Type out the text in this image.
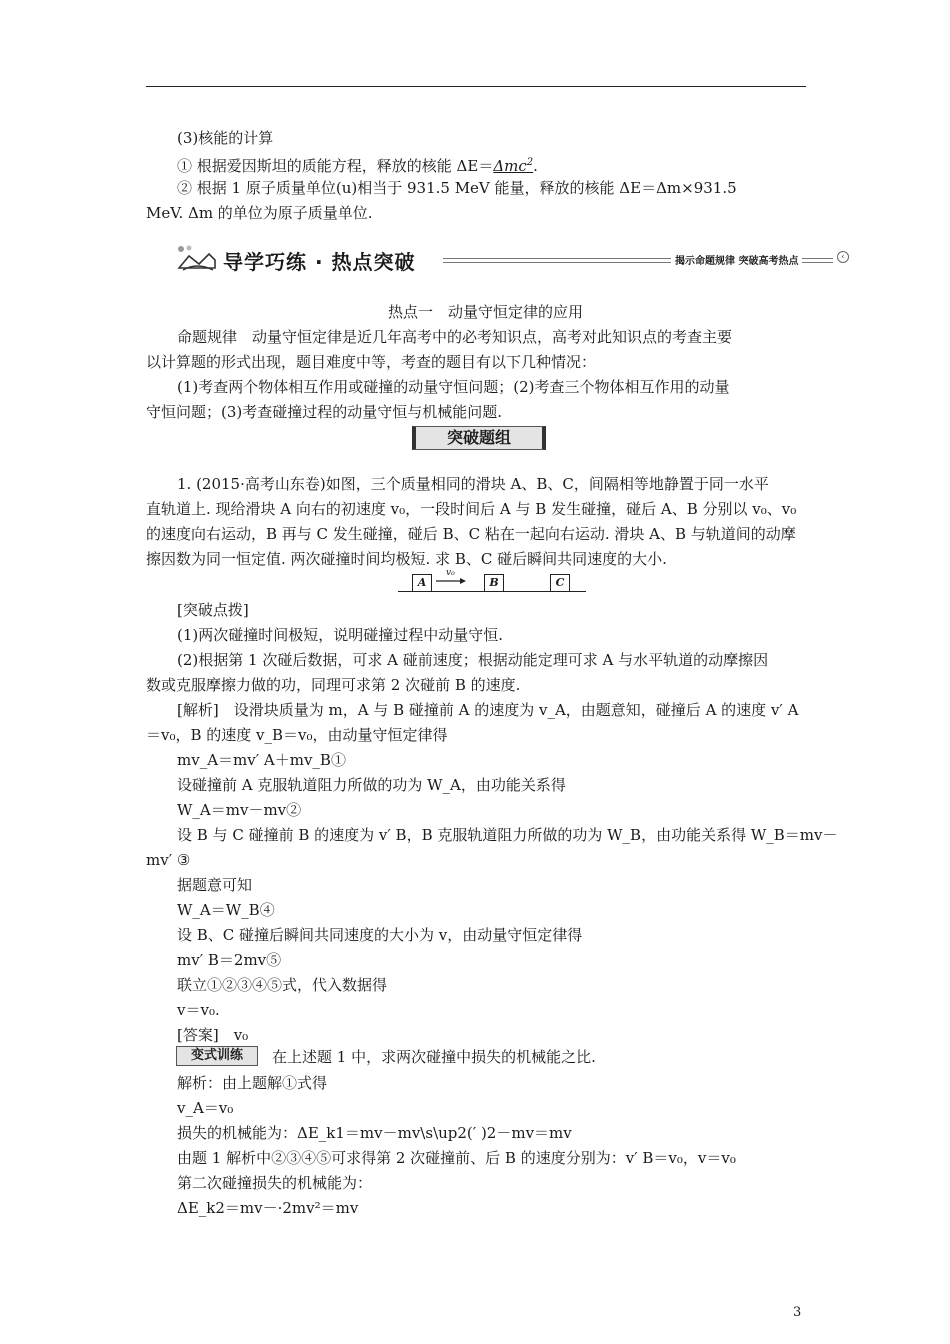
(3)核能的计算
① 根据爱因斯坦的质能方程，释放的核能 ΔE＝Δmc$^2$.
② 根据 1 原子质量单位(u)相当于 931.5 MeV 能量，释放的核能 ΔE＝Δm×931.5
MeV. Δm 的单位为原子质量单位.
导学巧练 · 热点突破	揭示命题规律 突破高考热点	‹
热点一　动量守恒定律的应用
命题规律　动量守恒定律是近几年高考中的必考知识点，高考对此知识点的考查主要
以计算题的形式出现，题目难度中等，考查的题目有以下几种情况：
(1)考查两个物体相互作用或碰撞的动量守恒问题；(2)考查三个物体相互作用的动量
守恒问题；(3)考查碰撞过程的动量守恒与机械能问题.
突破题组
1. (2015·高考山东卷)如图，三个质量相同的滑块 A、B、C，间隔相等地静置于同一水平
直轨道上. 现给滑块 A 向右的初速度 v₀，一段时间后 A 与 B 发生碰撞，碰后 A、B 分别以 v₀、v₀
的速度向右运动，B 再与 C 发生碰撞，碰后 B、C 粘在一起向右运动. 滑块 A、B 与轨道间的动摩
擦因数为同一恒定值. 两次碰撞时间均极短. 求 B、C 碰后瞬间共同速度的大小.
A
v₀
B	C
[突破点拨]
(1)两次碰撞时间极短，说明碰撞过程中动量守恒.
(2)根据第 1 次碰后数据，可求 A 碰前速度；根据动能定理可求 A 与水平轨道的动摩擦因
数或克服摩擦力做的功，同理可求第 2 次碰前 B 的速度.
[解析]　设滑块质量为 m，A 与 B 碰撞前 A 的速度为 v_A，由题意知，碰撞后 A 的速度 v′ A
＝v₀，B 的速度 v_B＝v₀，由动量守恒定律得
mv_A＝mv′ A＋mv_B①
设碰撞前 A 克服轨道阻力所做的功为 W_A，由功能关系得
W_A＝mv－mv②
设 B 与 C 碰撞前 B 的速度为 v′ B，B 克服轨道阻力所做的功为 W_B，由功能关系得 W_B＝mv－
mv′ ③
据题意可知
W_A＝W_B④
设 B、C 碰撞后瞬间共同速度的大小为 v，由动量守恒定律得
mv′ B＝2mv⑤
联立①②③④⑤式，代入数据得
v＝v₀.
[答案]　v₀
变式训练	在上述题 1 中，求两次碰撞中损失的机械能之比.
解析：由上题解①式得
v_A＝v₀
损失的机械能为：ΔE_k1＝mv－mv\s\up2(′ )2－mv＝mv
由题 1 解析中②③④⑤可求得第 2 次碰撞前、后 B 的速度分别为：v′ B＝v₀，v＝v₀
第二次碰撞损失的机械能为：
ΔE_k2＝mv－·2mv²＝mv
3
